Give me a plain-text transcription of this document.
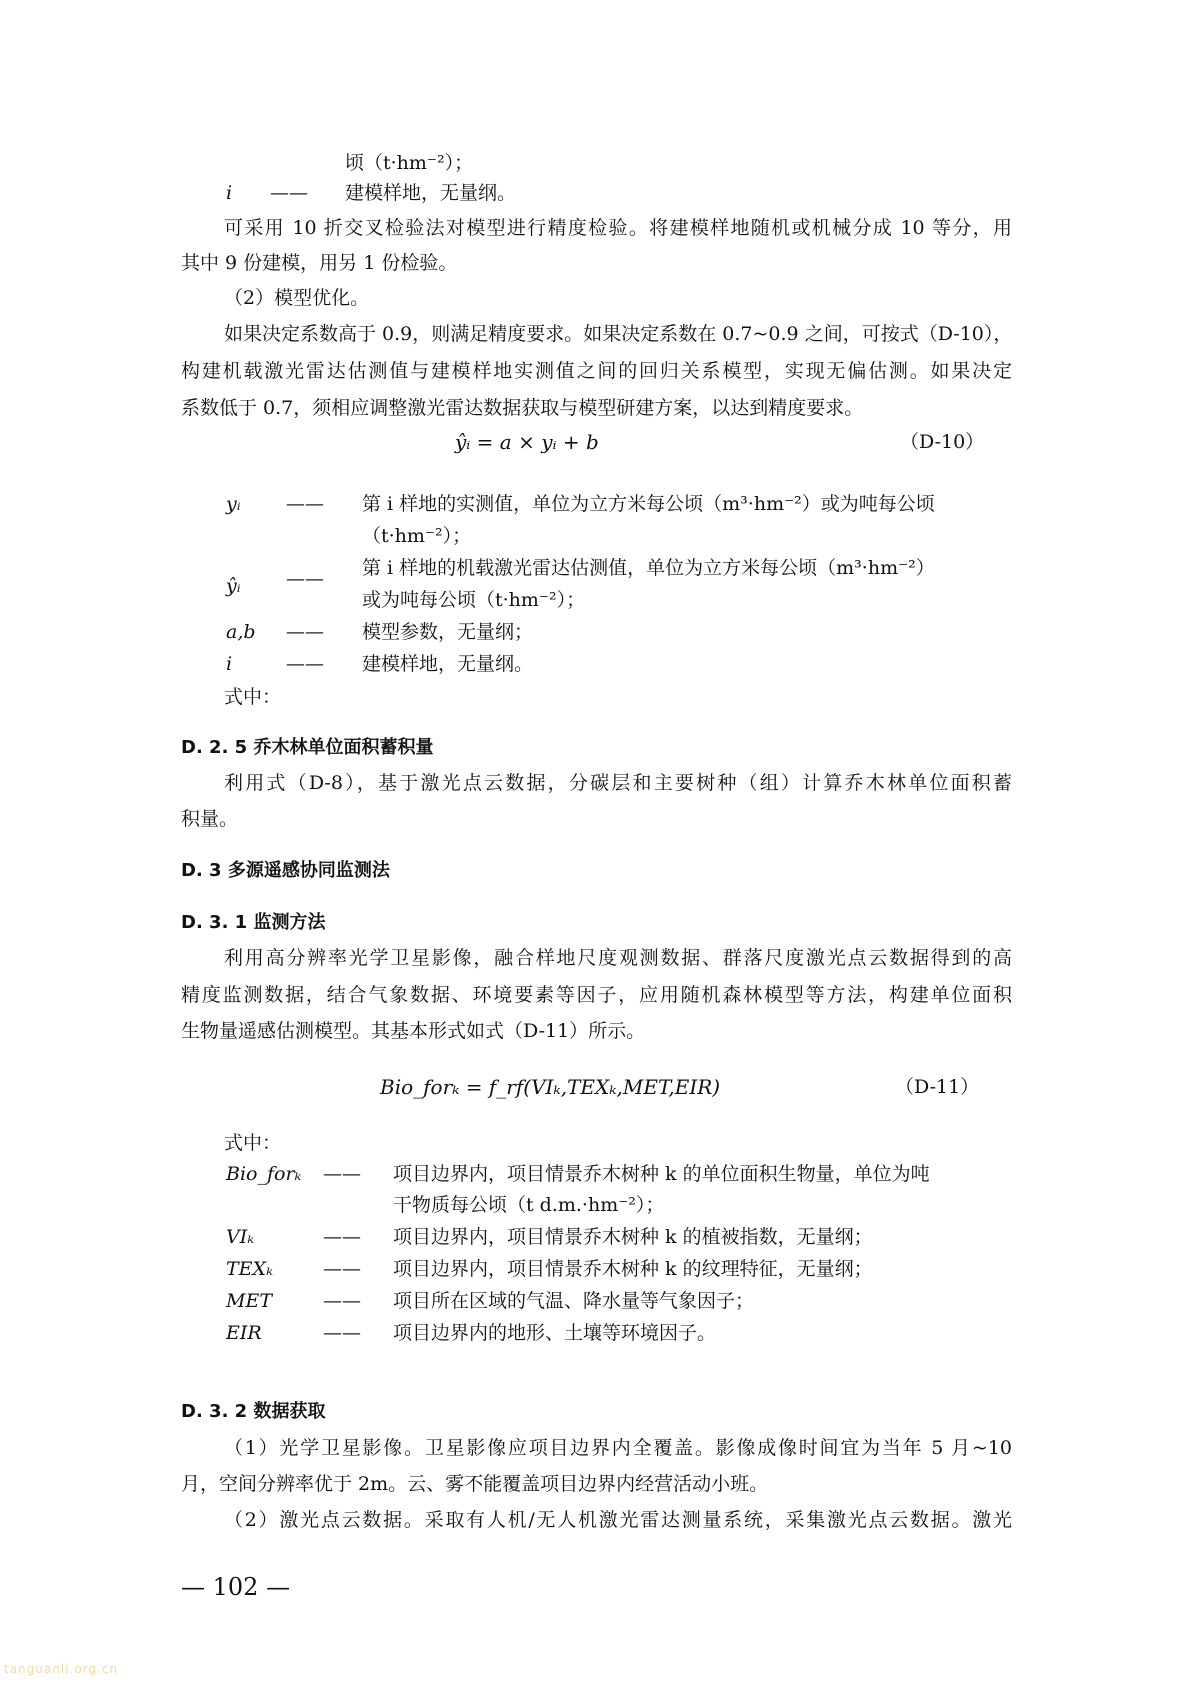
顷（t·hm⁻²）；
i —— 建模样地，无量纲。
可采用 10 折交叉检验法对模型进行精度检验。将建模样地随机或机械分成 10 等分，用
其中 9 份建模，用另 1 份检验。
（2）模型优化。
如果决定系数高于 0.9，则满足精度要求。如果决定系数在 0.7~0.9 之间，可按式（D-10），
构建机载激光雷达估测值与建模样地实测值之间的回归关系模型，实现无偏估测。如果决定
系数低于 0.7，须相应调整激光雷达数据获取与模型研建方案，以达到精度要求。
ŷᵢ = a × yᵢ + b	（D-10）
yᵢ —— 第 i 样地的实测值，单位为立方米每公顷（m³·hm⁻²）或为吨每公顷
（t·hm⁻²）；
ŷᵢ —— 第 i 样地的机载激光雷达估测值，单位为立方米每公顷（m³·hm⁻²）
或为吨每公顷（t·hm⁻²）；
a,b —— 模型参数，无量纲；
i	—— 建模样地，无量纲。
式中：
D. 2. 5 乔木林单位面积蓄积量
利用式（D-8），基于激光点云数据，分碳层和主要树种（组）计算乔木林单位面积蓄
积量。
D. 3 多源遥感协同监测法
D. 3. 1 监测方法
利用高分辨率光学卫星影像，融合样地尺度观测数据、群落尺度激光点云数据得到的高
精度监测数据，结合气象数据、环境要素等因子，应用随机森林模型等方法，构建单位面积
生物量遥感估测模型。其基本形式如式（D-11）所示。
Bio_forₖ = f_rf(VIₖ,TEXₖ,MET,EIR)	（D-11）
式中：
Bio_forₖ —— 项目边界内，项目情景乔木树种 k 的单位面积生物量，单位为吨
干物质每公顷（t d.m.·hm⁻²）；
VIₖ	—— 项目边界内，项目情景乔木树种 k 的植被指数，无量纲；
TEXₖ	—— 项目边界内，项目情景乔木树种 k 的纹理特征，无量纲；
MET	—— 项目所在区域的气温、降水量等气象因子；
EIR	—— 项目边界内的地形、土壤等环境因子。
D. 3. 2 数据获取
（1）光学卫星影像。卫星影像应项目边界内全覆盖。影像成像时间宜为当年 5 月~10
月，空间分辨率优于 2m。云、雾不能覆盖项目边界内经营活动小班。
（2）激光点云数据。采取有人机/无人机激光雷达测量系统，采集激光点云数据。激光
— 102 —
tanguanli.org.cn
